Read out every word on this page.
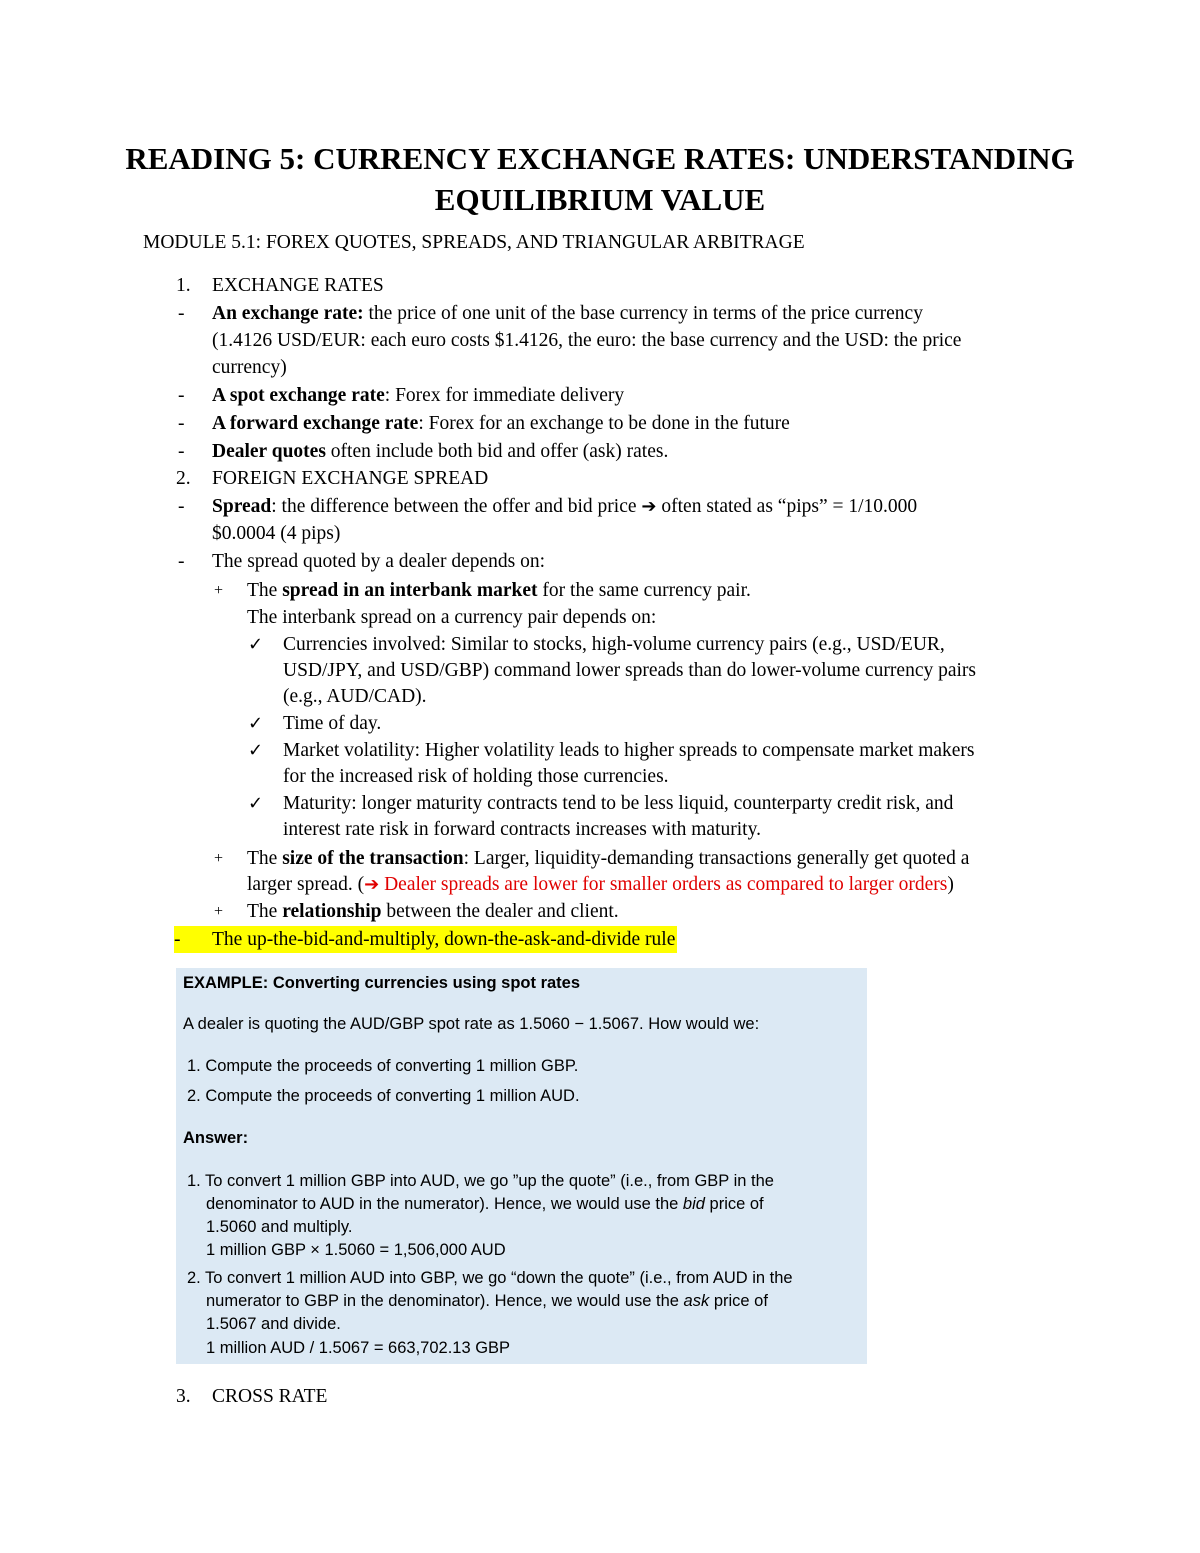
READING 5: CURRENCY EXCHANGE RATES: UNDERSTANDING
EQUILIBRIUM VALUE
MODULE 5.1: FOREX QUOTES, SPREADS, AND TRIANGULAR ARBITRAGE
1. EXCHANGE RATES
- An exchange rate: the price of one unit of the base currency in terms of the price currency
(1.4126 USD/EUR: each euro costs $1.4126, the euro: the base currency and the USD: the price
currency)
- A spot exchange rate: Forex for immediate delivery
- A forward exchange rate: Forex for an exchange to be done in the future
- Dealer quotes often include both bid and offer (ask) rates.
2. FOREIGN EXCHANGE SPREAD
- Spread: the difference between the offer and bid price ➔ often stated as “pips” = 1/10.000
$0.0004 (4 pips)
- The spread quoted by a dealer depends on:
+ The spread in an interbank market for the same currency pair.
The interbank spread on a currency pair depends on:
✓ Currencies involved: Similar to stocks, high-volume currency pairs (e.g., USD/EUR,
USD/JPY, and USD/GBP) command lower spreads than do lower-volume currency pairs
(e.g., AUD/CAD).
✓ Time of day.
✓ Market volatility: Higher volatility leads to higher spreads to compensate market makers
for the increased risk of holding those currencies.
✓ Maturity: longer maturity contracts tend to be less liquid, counterparty credit risk, and
interest rate risk in forward contracts increases with maturity.
+ The size of the transaction: Larger, liquidity-demanding transactions generally get quoted a
larger spread. (➔ Dealer spreads are lower for smaller orders as compared to larger orders)
+ The relationship between the dealer and client.
- The up-the-bid-and-multiply, down-the-ask-and-divide rule
EXAMPLE: Converting currencies using spot rates
A dealer is quoting the AUD/GBP spot rate as 1.5060 − 1.5067. How would we:
1. Compute the proceeds of converting 1 million GBP.
2. Compute the proceeds of converting 1 million AUD.
Answer:
1. To convert 1 million GBP into AUD, we go ”up the quote” (i.e., from GBP in the
denominator to AUD in the numerator). Hence, we would use the bid price of
1.5060 and multiply.
1 million GBP × 1.5060 = 1,506,000 AUD
2. To convert 1 million AUD into GBP, we go “down the quote” (i.e., from AUD in the
numerator to GBP in the denominator). Hence, we would use the ask price of
1.5067 and divide.
1 million AUD / 1.5067 = 663,702.13 GBP
3. CROSS RATE
